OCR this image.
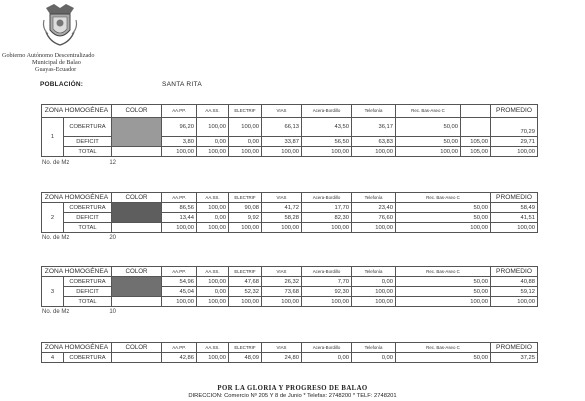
Gobierno Autónomo Descentralizado
Municipal de Balao
Guayas-Ecuador
POBLACIÓN:	SANTA RITA
ZONA HOMOGÉNEA		COLOR	AA.PP.	AA.SS.	ELECTRIF	VIAS	Acera-Bordillo	Telefonía	Rec. Bas-Aseo C		PROMEDIO
1	COBERTURA		96,20	100,00	100,00	66,13	43,50	36,17	50,00		70,29
	DEFICIT		3,80	0,00	0,00	33,87	56,50	63,83	50,00	105,00	29,71
	TOTAL		100,00	100,00	100,00	100,00	100,00	100,00	100,00	105,00	100,00
No. de Mz	12
ZONA HOMOGÉNEA		COLOR	AA.PP.	AA.SS.	ELECTRIF	VIAS	Acera-Bordillo	Telefonía	Rec. Bas-Aseo C	PROMEDIO
2	COBERTURA		86,56	100,00	90,08	41,72	17,70	23,40	50,00	58,49
	DEFICIT		13,44	0,00	9,92	58,28	82,30	76,60	50,00	41,51
	TOTAL		100,00	100,00	100,00	100,00	100,00	100,00	100,00	100,00
No. de Mz	20
ZONA HOMOGÉNEA		COLOR	AA.PP.	AA.SS.	ELECTRIF	VIAS	Acera-Bordillo	Telefonía	Rec. Bas-Aseo C	PROMEDIO
3	COBERTURA		54,96	100,00	47,68	26,32	7,70	0,00	50,00	40,88
	DEFICIT		45,04	0,00	52,32	73,68	92,30	100,00	50,00	59,12
	TOTAL		100,00	100,00	100,00	100,00	100,00	100,00	100,00	100,00
No. de Mz	10
ZONA HOMOGÉNEA		COLOR	AA.PP.	AA.SS.	ELECTRIF	VIAS	Acera-Bordillo	Telefonía	Rec. Bas-Aseo C	PROMEDIO
4	COBERTURA		42,86	100,00	48,09	24,80	0,00	0,00	50,00	37,25
POR LA GLORIA Y PROGRESO DE BALAO
DIRECCION: Comercio Nº 205 Y 8 de Junio * Telefax: 2748200 * TELF: 2748201
